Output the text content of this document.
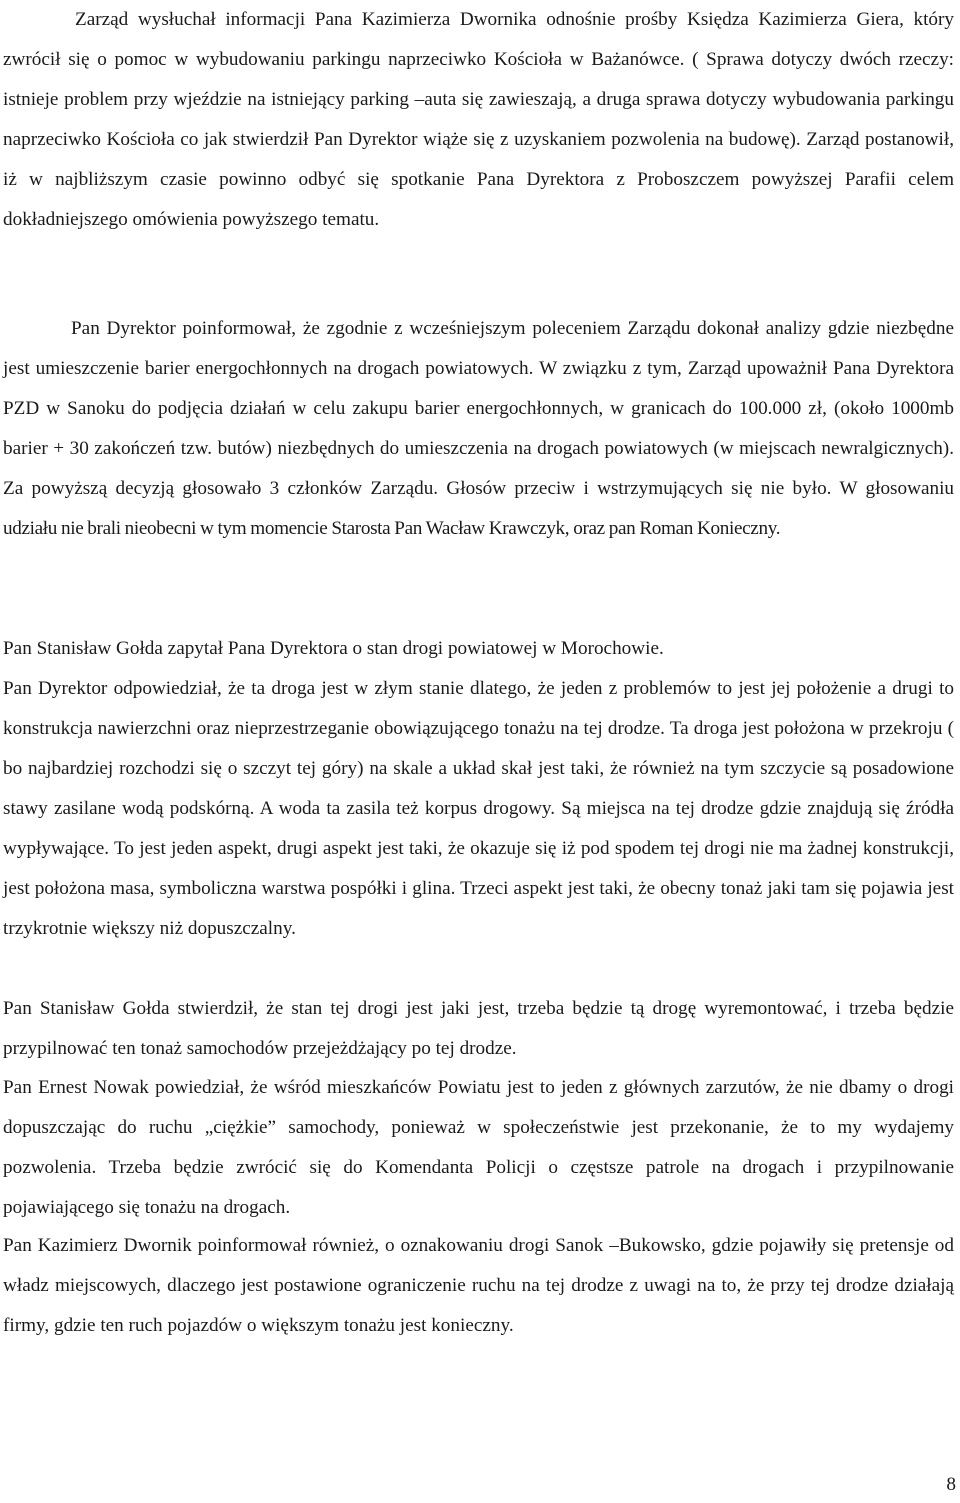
Zarząd wysłuchał informacji Pana Kazimierza Dwornika odnośnie prośby Księdza Kazimierza Giera, który zwrócił się o pomoc w wybudowaniu parkingu naprzeciwko Kościoła w Bażanówce. ( Sprawa dotyczy dwóch rzeczy: istnieje problem przy wjeździe na istniejący parking –auta się zawieszają, a druga sprawa dotyczy wybudowania parkingu naprzeciwko Kościoła co jak stwierdził Pan Dyrektor wiąże się z uzyskaniem pozwolenia na budowę). Zarząd postanowił, iż w najbliższym czasie powinno odbyć się spotkanie Pana Dyrektora z Proboszczem powyższej Parafii celem dokładniejszego omówienia powyższego tematu.

Pan Dyrektor poinformował, że zgodnie z wcześniejszym poleceniem Zarządu dokonał analizy gdzie niezbędne jest umieszczenie barier energochłonnych na drogach powiatowych. W związku z tym, Zarząd upoważnił Pana Dyrektora PZD w Sanoku do podjęcia działań w celu zakupu barier energochłonnych, w granicach do 100.000 zł, (około 1000mb barier + 30 zakończeń tzw. butów) niezbędnych do umieszczenia na drogach powiatowych (w miejscach newralgicznych). Za powyższą decyzją głosowało 3 członków Zarządu. Głosów przeciw i wstrzymujących się nie było. W głosowaniu udziału nie brali nieobecni w tym momencie Starosta Pan Wacław Krawczyk, oraz pan Roman Konieczny.

Pan Stanisław Gołda zapytał Pana Dyrektora o stan drogi powiatowej w Morochowie.

Pan Dyrektor odpowiedział, że ta droga jest w złym stanie dlatego, że jeden z problemów to jest jej położenie a drugi to konstrukcja nawierzchni oraz nieprzestrzeganie obowiązującego tonażu na tej drodze. Ta droga jest położona w przekroju ( bo najbardziej rozchodzi się o szczyt tej góry) na skale a układ skał jest taki, że również na tym szczycie są posadowione stawy zasilane wodą podskórną. A woda ta zasila też korpus drogowy. Są miejsca na tej drodze gdzie znajdują się źródła wypływające. To jest jeden aspekt, drugi aspekt jest taki, że okazuje się iż pod spodem tej drogi nie ma żadnej konstrukcji, jest położona masa, symboliczna warstwa pospółki i glina. Trzeci aspekt jest taki, że obecny tonaż jaki tam się pojawia jest trzykrotnie większy niż dopuszczalny.

Pan Stanisław Gołda stwierdził, że stan tej drogi jest jaki jest, trzeba będzie tą drogę wyremontować, i trzeba będzie przypilnować ten tonaż samochodów przejeżdżający po tej drodze.

Pan Ernest Nowak powiedział, że wśród mieszkańców Powiatu jest to jeden z głównych zarzutów, że nie dbamy o drogi dopuszczając do ruchu „ciężkie” samochody, ponieważ w społeczeństwie jest przekonanie, że to my wydajemy pozwolenia. Trzeba będzie zwrócić się do Komendanta Policji o częstsze patrole na drogach i przypilnowanie pojawiającego się tonażu na drogach.

Pan Kazimierz Dwornik poinformował również, o oznakowaniu drogi Sanok –Bukowsko, gdzie pojawiły się pretensje od władz miejscowych, dlaczego jest postawione ograniczenie ruchu na tej drodze z uwagi na to, że przy tej drodze działają firmy, gdzie ten ruch pojazdów o większym tonażu jest konieczny.

8
